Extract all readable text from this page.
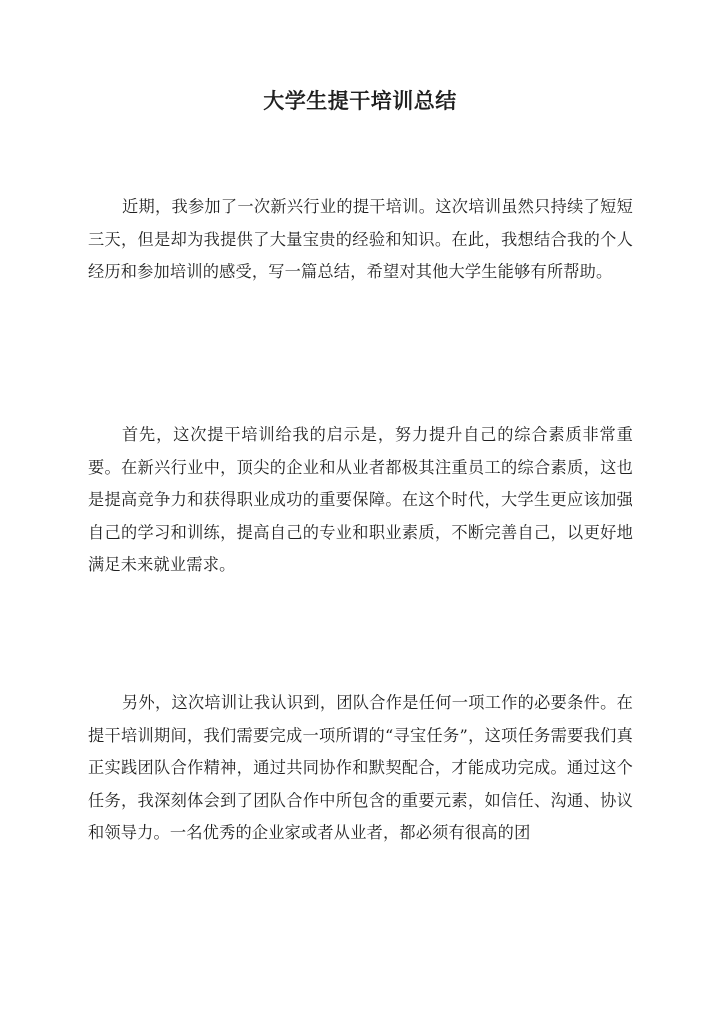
大学生提干培训总结

近期，我参加了一次新兴行业的提干培训。这次培训虽然只持续了短短三天，但是却为我提供了大量宝贵的经验和知识。在此，我想结合我的个人经历和参加培训的感受，写一篇总结，希望对其他大学生能够有所帮助。

首先，这次提干培训给我的启示是，努力提升自己的综合素质非常重要。在新兴行业中，顶尖的企业和从业者都极其注重员工的综合素质，这也是提高竞争力和获得职业成功的重要保障。在这个时代，大学生更应该加强自己的学习和训练，提高自己的专业和职业素质，不断完善自己，以更好地满足未来就业需求。

另外，这次培训让我认识到，团队合作是任何一项工作的必要条件。在提干培训期间，我们需要完成一项所谓的“寻宝任务”，这项任务需要我们真正实践团队合作精神，通过共同协作和默契配合，才能成功完成。通过这个任务，我深刻体会到了团队合作中所包含的重要元素，如信任、沟通、协议和领导力。一名优秀的企业家或者从业者，都必须有很高的团
